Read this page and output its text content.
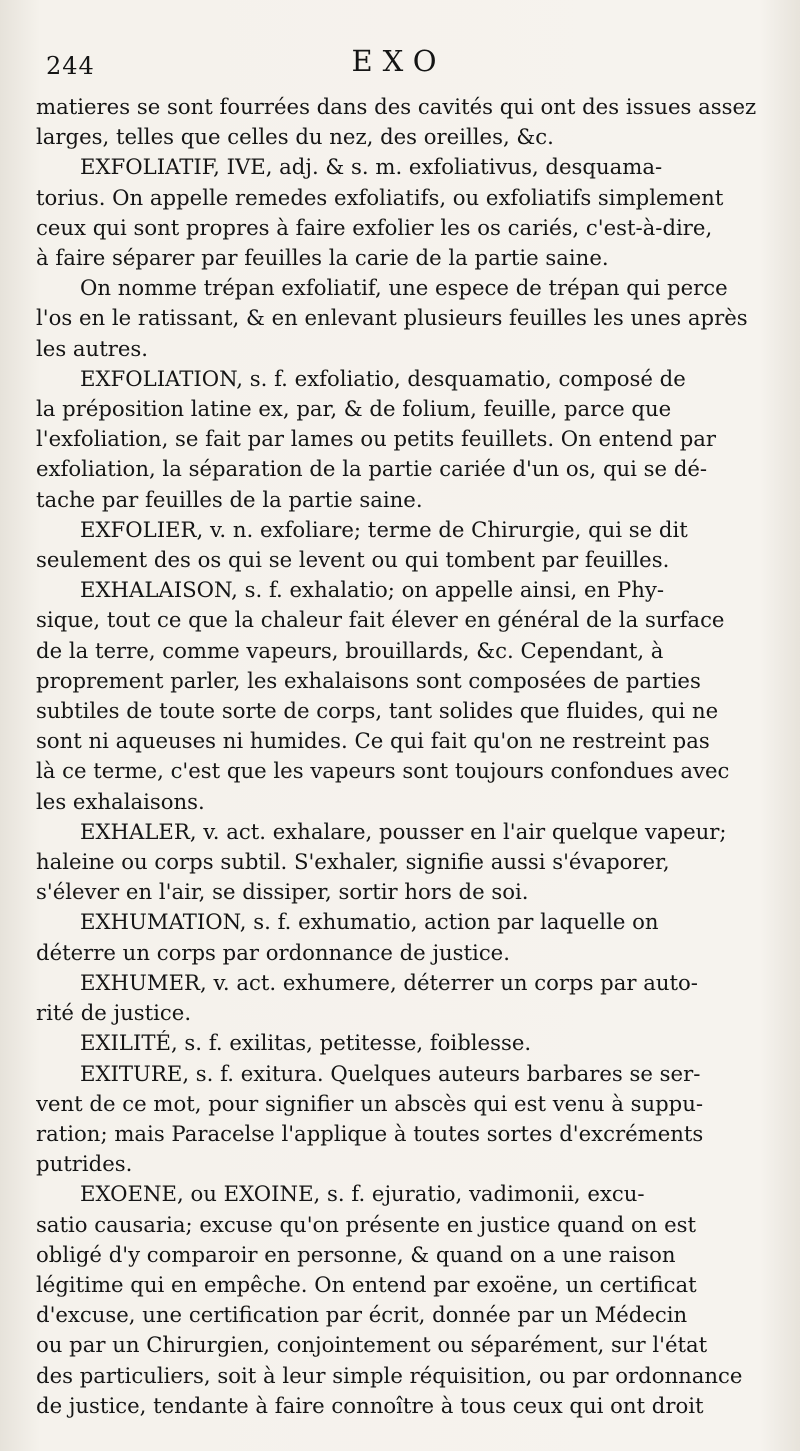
244	EXO
matieres se sont fourrées dans des cavités qui ont des issues assez
larges, telles que celles du nez, des oreilles, &c.
EXFOLIATIF, IVE, adj. & s. m. exfoliativus, desquama-
torius. On appelle remedes exfoliatifs, ou exfoliatifs simplement
ceux qui sont propres à faire exfolier les os cariés, c'est-à-dire,
à faire séparer par feuilles la carie de la partie saine.
On nomme trépan exfoliatif, une espece de trépan qui perce
l'os en le ratissant, & en enlevant plusieurs feuilles les unes après
les autres.
EXFOLIATION, s. f. exfoliatio, desquamatio, composé de
la préposition latine ex, par, & de folium, feuille, parce que
l'exfoliation, se fait par lames ou petits feuillets. On entend par
exfoliation, la séparation de la partie cariée d'un os, qui se dé-
tache par feuilles de la partie saine.
EXFOLIER, v. n. exfoliare; terme de Chirurgie, qui se dit
seulement des os qui se levent ou qui tombent par feuilles.
EXHALAISON, s. f. exhalatio; on appelle ainsi, en Phy-
sique, tout ce que la chaleur fait élever en général de la surface
de la terre, comme vapeurs, brouillards, &c. Cependant, à
proprement parler, les exhalaisons sont composées de parties
subtiles de toute sorte de corps, tant solides que fluides, qui ne
sont ni aqueuses ni humides. Ce qui fait qu'on ne restreint pas
là ce terme, c'est que les vapeurs sont toujours confondues avec
les exhalaisons.
EXHALER, v. act. exhalare, pousser en l'air quelque vapeur;
haleine ou corps subtil. S'exhaler, signifie aussi s'évaporer,
s'élever en l'air, se dissiper, sortir hors de soi.
EXHUMATION, s. f. exhumatio, action par laquelle on
déterre un corps par ordonnance de justice.
EXHUMER, v. act. exhumere, déterrer un corps par auto-
rité de justice.
EXILITÉ, s. f. exilitas, petitesse, foiblesse.
EXITURE, s. f. exitura. Quelques auteurs barbares se ser-
vent de ce mot, pour signifier un abscès qui est venu à suppu-
ration; mais Paracelse l'applique à toutes sortes d'excréments
putrides.
EXOENE, ou EXOINE, s. f. ejuratio, vadimonii, excu-
satio causaria; excuse qu'on présente en justice quand on est
obligé d'y comparoir en personne, & quand on a une raison
légitime qui en empêche. On entend par exoëne, un certificat
d'excuse, une certification par écrit, donnée par un Médecin
ou par un Chirurgien, conjointement ou séparément, sur l'état
des particuliers, soit à leur simple réquisition, ou par ordonnance
de justice, tendante à faire connoître à tous ceux qui ont droit
